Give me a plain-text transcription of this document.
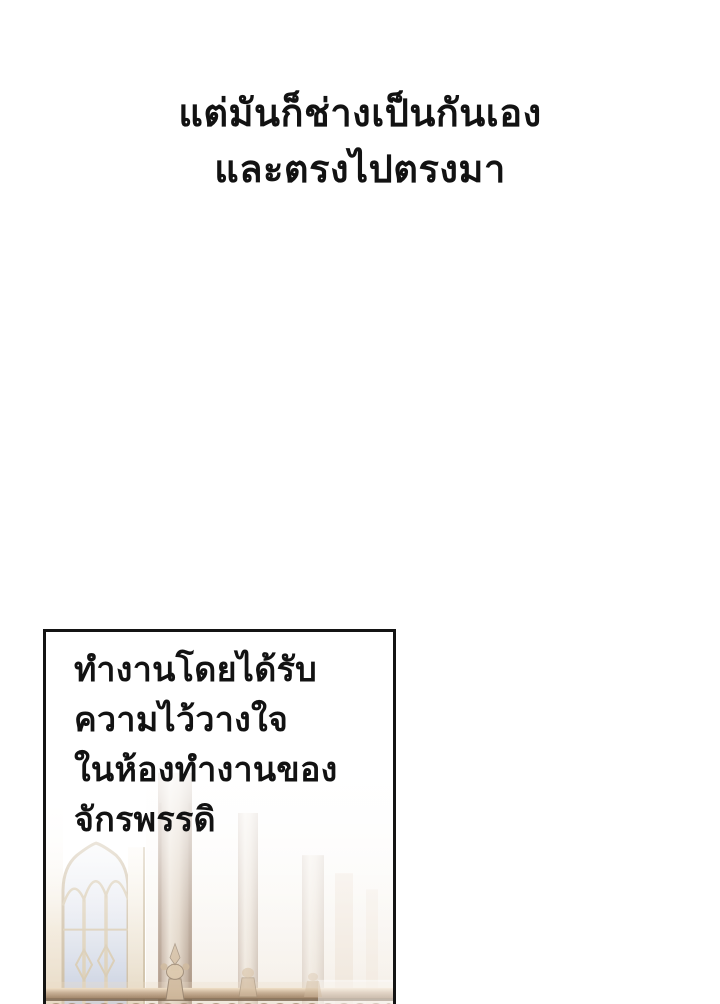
แต่มันก็ช่างเป็นกันเอง
และตรงไปตรงมา
ทำงานโดยได้รับ
ความไว้วางใจ
ในห้องทำงานของ
จักรพรรดิ
